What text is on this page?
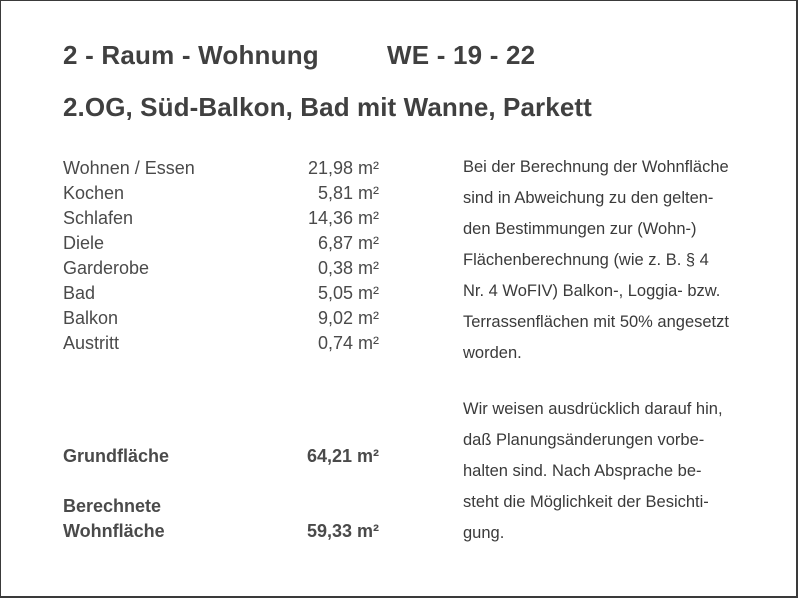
2 - Raum - Wohnung	WE - 19 - 22
2.OG, Süd-Balkon, Bad mit Wanne, Parkett
Wohnen / Essen	21,98 m²
Kochen	5,81 m²
Schlafen	14,36 m²
Diele	6,87 m²
Garderobe	0,38 m²
Bad	5,05 m²
Balkon	9,02 m²
Austritt	0,74 m²
Grundfläche	64,21 m²
Berechnete
Wohnfläche	59,33 m²
Bei der Berechnung der Wohnfläche
sind in Abweichung zu den gelten-
den Bestimmungen zur (Wohn-)
Flächenberechnung (wie z. B. § 4
Nr. 4 WoFIV) Balkon-, Loggia- bzw.
Terrassenflächen mit 50% angesetzt
worden.
Wir weisen ausdrücklich darauf hin,
daß Planungsänderungen vorbe-
halten sind. Nach Absprache be-
steht die Möglichkeit der Besichti-
gung.
